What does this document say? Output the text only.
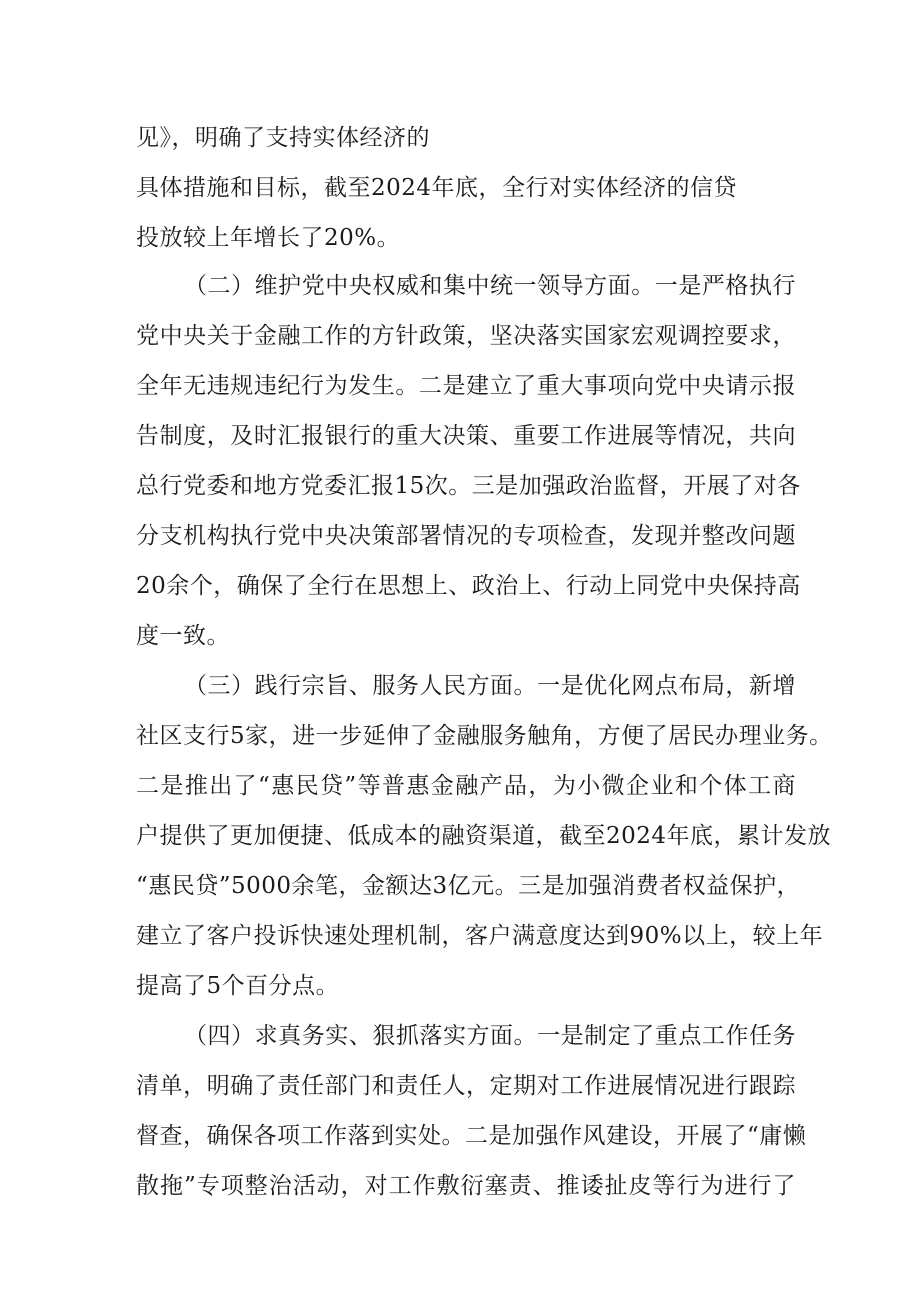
见》，明确了支持实体经济的
具体措施和目标，截至2024年底，全行对实体经济的信贷
投放较上年增长了20%。
（二）维护党中央权威和集中统一领导方面。一是严格执行
党中央关于金融工作的方针政策，坚决落实国家宏观调控要求，
全年无违规违纪行为发生。二是建立了重大事项向党中央请示报
告制度，及时汇报银行的重大决策、重要工作进展等情况，共向
总行党委和地方党委汇报15次。三是加强政治监督，开展了对各
分支机构执行党中央决策部署情况的专项检查，发现并整改问题
20余个，确保了全行在思想上、政治上、行动上同党中央保持高
度一致。
（三）践行宗旨、服务人民方面。一是优化网点布局，新增
社区支行5家，进一步延伸了金融服务触角，方便了居民办理业务。
二是推出了“惠民贷”等普惠金融产品，为小微企业和个体工商
户提供了更加便捷、低成本的融资渠道，截至2024年底，累计发放
“惠民贷”5000余笔，金额达3亿元。三是加强消费者权益保护，
建立了客户投诉快速处理机制，客户满意度达到90%以上，较上年
提高了5个百分点。
（四）求真务实、狠抓落实方面。一是制定了重点工作任务
清单，明确了责任部门和责任人，定期对工作进展情况进行跟踪
督查，确保各项工作落到实处。二是加强作风建设，开展了“庸懒
散拖”专项整治活动，对工作敷衍塞责、推诿扯皮等行为进行了
